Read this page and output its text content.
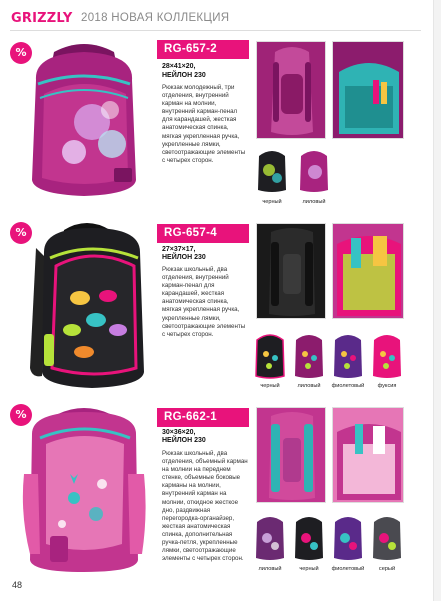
GRIZZLY 2018 НОВАЯ КОЛЛЕКЦИЯ
%	RG-657-2
28×41×20,
НЕЙЛОН 230
Рюкзак молодежный, три отделения, внутренний карман на молнии, внутренний карман-пенал для карандашей, жесткая анатомическая спинка, мягкая укрепленная ручка, укрепленные лямки, светоотражающие элементы с четырех сторон.
черный	лиловый
%	RG-657-4
27×37×17,
НЕЙЛОН 230
Рюкзак школьный, два отделения, внутренний карман-пенал для карандашей, жесткая анатомическая спинка, мягкая укрепленная ручка, укрепленные лямки, светоотражающие элементы с четырех сторон.
черный	лиловый	фиолетовый	фуксия
%	RG-662-1
30×36×20,
НЕЙЛОН 230
Рюкзак школьный, два отделения, объемный карман на молнии на переднем стенке, объемные боковые карманы на молнии, внутренний карман на молнии, откидное жесткое дно, раздвижная перегородка-органайзер, жесткая анатомическая спинка, дополнительная ручка-петля, укрепленные лямки, светоотражающие элементы с четырех сторон.
лиловый	черный	фиолетовый	серый
48
